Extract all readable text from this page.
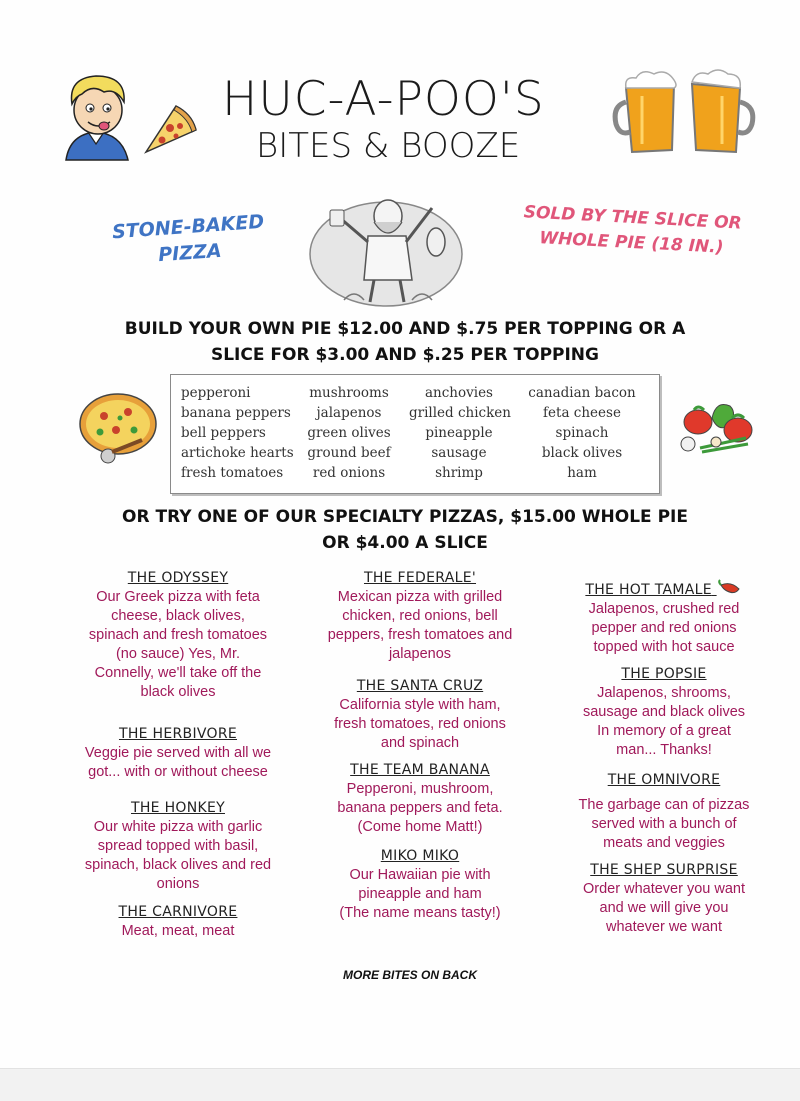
HUC-A-POO'S
BITES & BOOZE
STONE-BAKED
PIZZA
SOLD BY THE SLICE OR
WHOLE PIE (18 IN.)
BUILD YOUR OWN PIE $12.00 AND $.75 PER TOPPING OR A
SLICE FOR $3.00 AND $.25 PER TOPPING
pepperoni
banana peppers
bell peppers
artichoke hearts
fresh tomatoes
mushrooms
jalapenos
green olives
ground beef
red onions
anchovies
grilled chicken
pineapple
sausage
shrimp
canadian bacon
feta cheese
spinach
black olives
ham
OR TRY ONE OF OUR SPECIALTY PIZZAS, $15.00 WHOLE PIE
OR $4.00 A SLICE
THE ODYSSEY
Our Greek pizza with feta
cheese, black olives,
spinach and fresh tomatoes
(no sauce) Yes, Mr.
Connelly, we'll take off the
black olives
THE HERBIVORE
Veggie pie served with all we
got... with or without cheese
THE HONKEY
Our white pizza with garlic
spread topped with basil,
spinach, black olives and red
onions
THE CARNIVORE
Meat, meat, meat
THE FEDERALE'
Mexican pizza with grilled
chicken, red onions, bell
peppers, fresh tomatoes and
jalapenos
THE SANTA CRUZ
California style with ham,
fresh tomatoes, red onions
and spinach
THE TEAM BANANA
Pepperoni, mushroom,
banana peppers and feta.
(Come home Matt!)
MIKO MIKO
Our Hawaiian pie with
pineapple and ham
(The name means tasty!)
THE HOT TAMALE
Jalapenos, crushed red
pepper and red onions
topped with hot sauce
THE POPSIE
Jalapenos, shrooms,
sausage and black olives
In memory of a great
man... Thanks!
THE OMNIVORE
The garbage can of pizzas
served with a bunch of
meats and veggies
THE SHEP SURPRISE
Order whatever you want
and we will give you
whatever we want
MORE BITES ON BACK
